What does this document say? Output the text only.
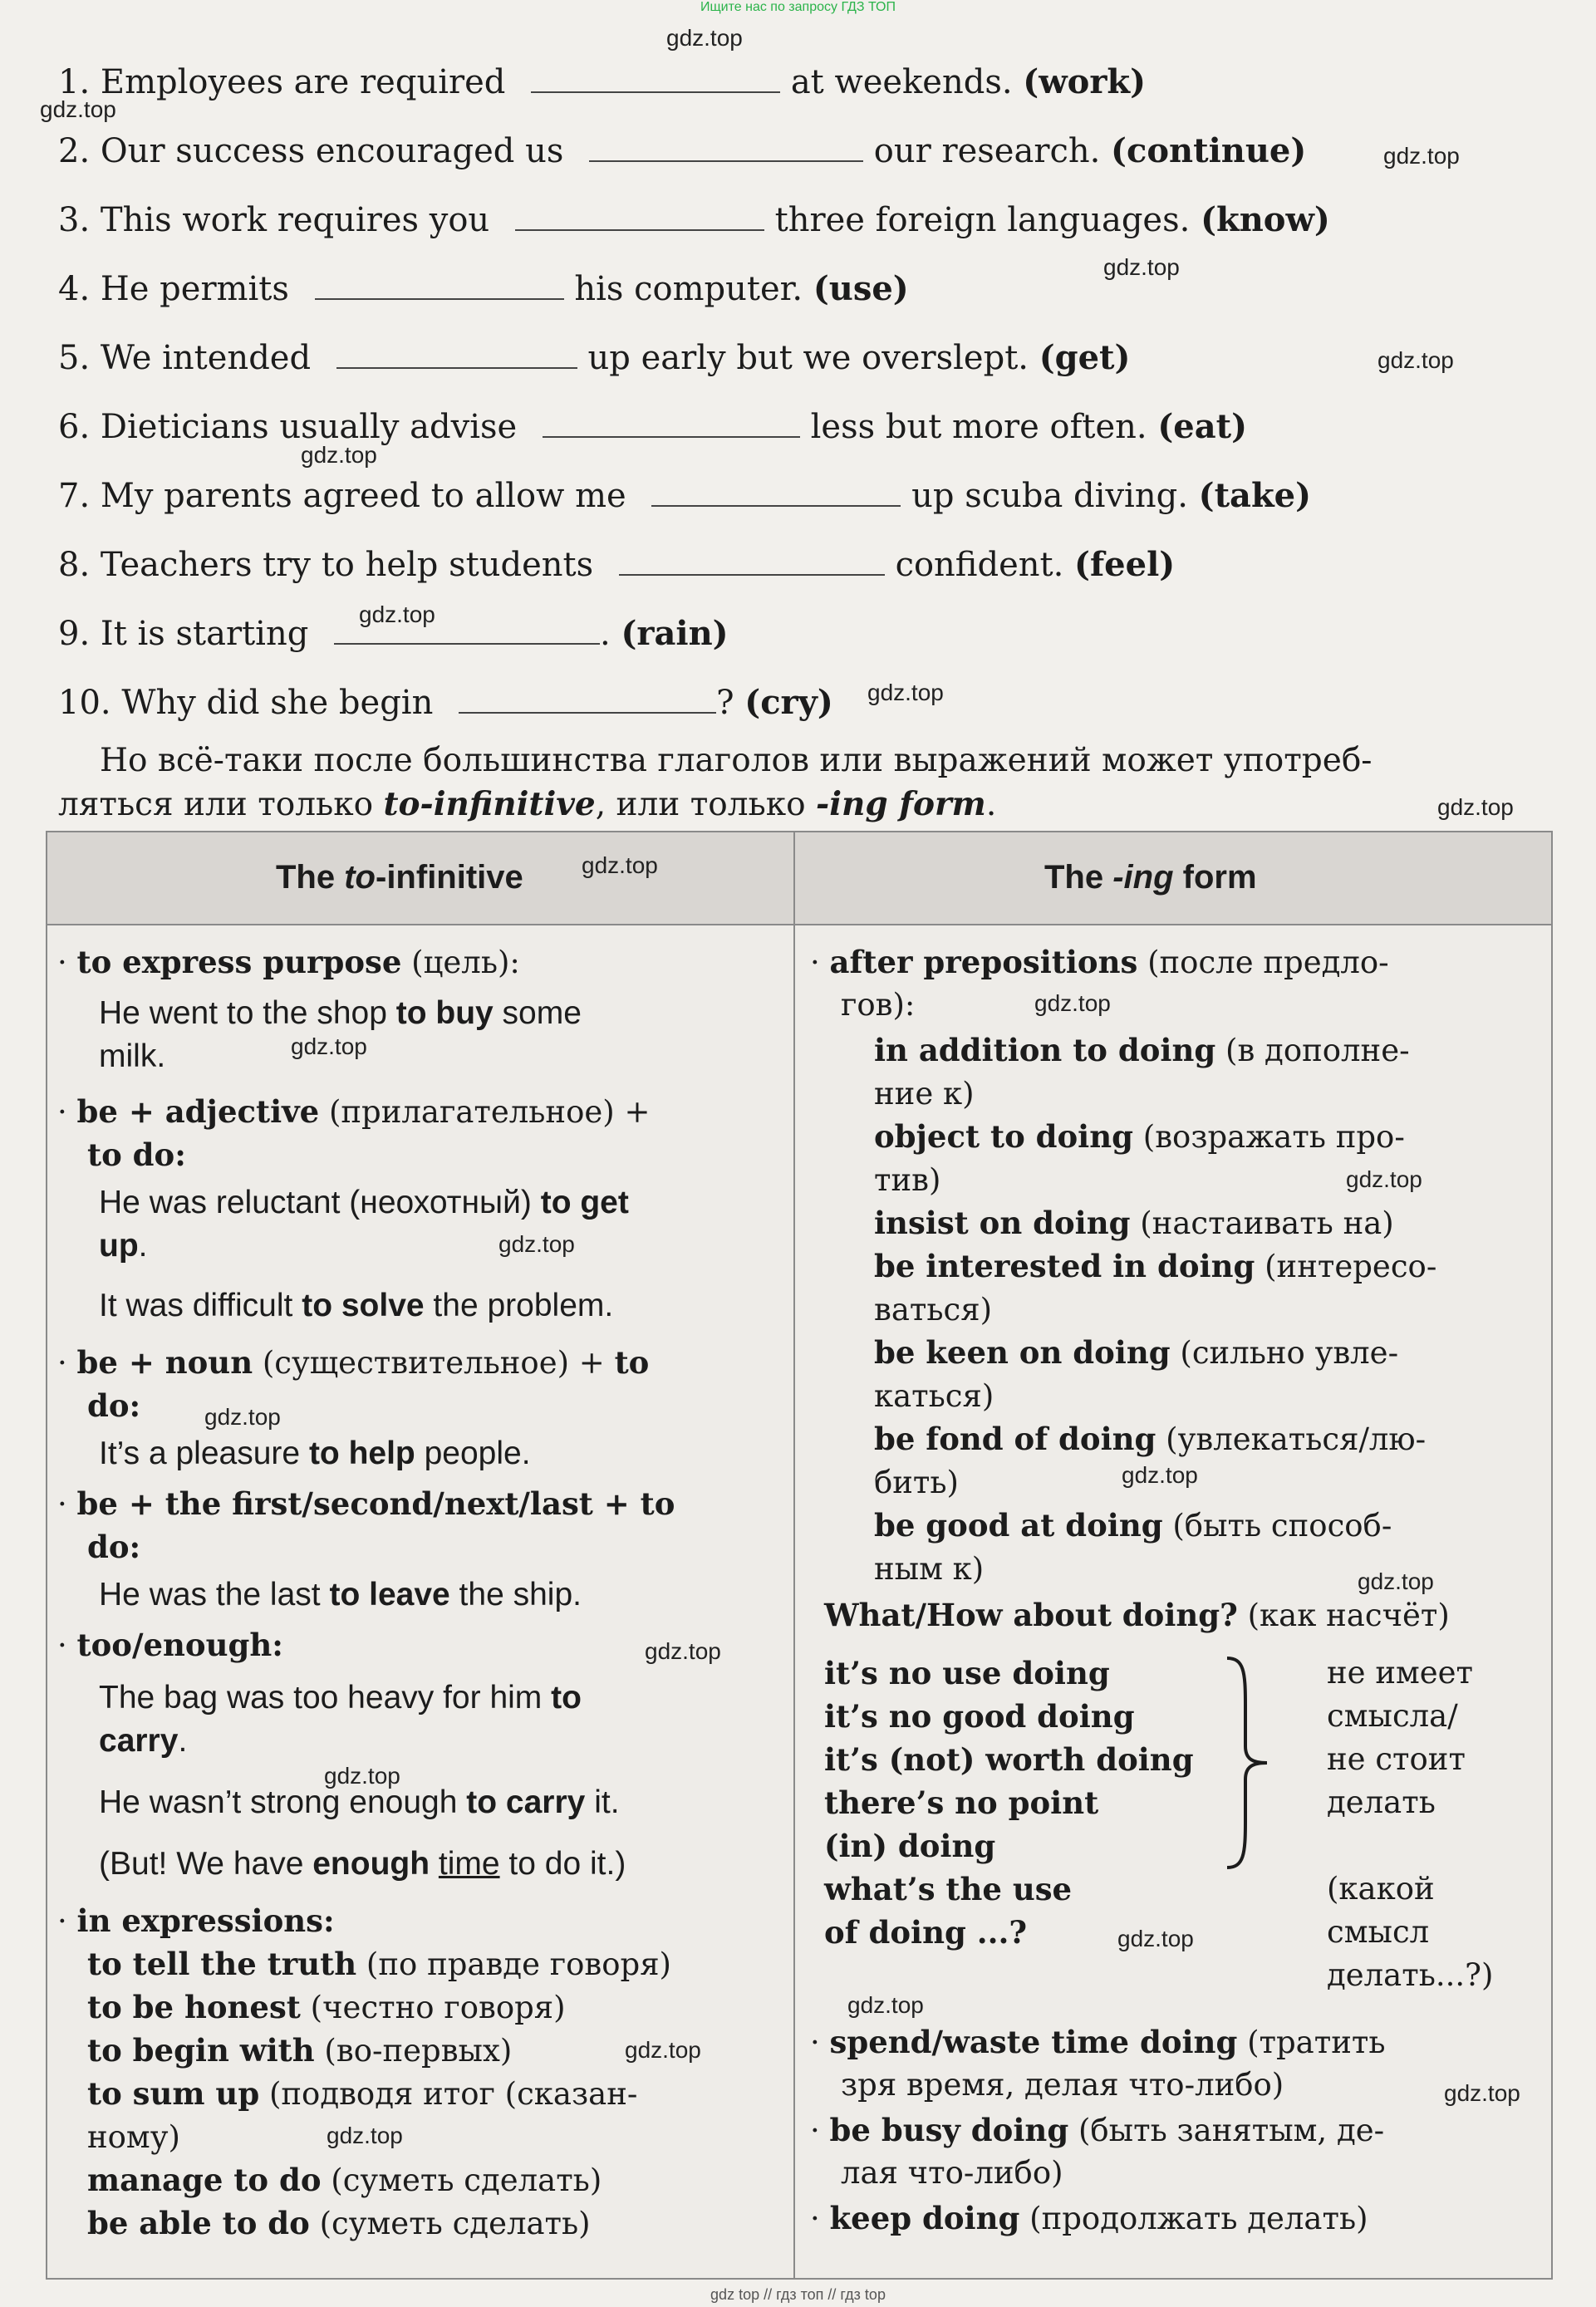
Ищите нас по запросу ГДЗ ТОП
1. Employees are required	at weekends. (work)
2. Our success encouraged us	our research. (continue)
3. This work requires you	three foreign languages. (know)
4. He permits	his computer. (use)
5. We intended	up early but we overslept. (get)
6. Dieticians usually advise	less but more often. (eat)
7. My parents agreed to allow me	up scuba diving. (take)
8. Teachers try to help students	confident. (feel)
9. It is starting	. (rain)
10. Why did she begin	? (cry)
Но всё-таки после большинства глаголов или выражений может употреб-
ляться или только to-infinitive, или только -ing form.
The to-infinitive	The -ing form
· to express purpose (цель):
He went to the shop to buy some
milk.
· be + adjective (прилагательное) +
to do:
He was reluctant (неохотный) to get
up.
It was difficult to solve the problem.
· be + noun (существительное) + to
do:
It’s a pleasure to help people.
· be + the first/second/next/last + to
do:
He was the last to leave the ship.
· too/enough:
The bag was too heavy for him to
carry.
He wasn’t strong enough to carry it.
(But! We have enough time to do it.)
· in expressions:
to tell the truth (по правде говоря)
to be honest (честно говоря)
to begin with (во-первых)
to sum up (подводя итог (сказан-
ному)
manage to do (суметь сделать)
be able to do (суметь сделать)
· after prepositions (после предло-
гов):
in addition to doing (в дополне-
ние к)
object to doing (возражать про-
тив)
insist on doing (настаивать на)
be interested in doing (интересо-
ваться)
be keen on doing (сильно увле-
каться)
be fond of doing (увлекаться/лю-
бить)
be good at doing (быть способ-
ным к)
What/How about doing? (как насчёт)
it’s no use doing
it’s no good doing
it’s (not) worth doing
there’s no point
(in) doing
не имеет
смысла/
не стоит
делать
what’s the use
of doing ...?
(какой
смысл
делать...?)
· spend/waste time doing (тратить
зря время, делая что-либо)
· be busy doing (быть занятым, де-
лая что-либо)
· keep doing (продолжать делать)
gdz.top
gdz.top
gdz.top
gdz.top
gdz.top
gdz.top
gdz.top
gdz.top
gdz.top
gdz.top
gdz.top
gdz.top
gdz.top
gdz.top
gdz.top
gdz.top
gdz.top
gdz.top
gdz.top
gdz.top
gdz.top
gdz.top
gdz.top
gdz.top
gdz top // гдз топ // гдз top
